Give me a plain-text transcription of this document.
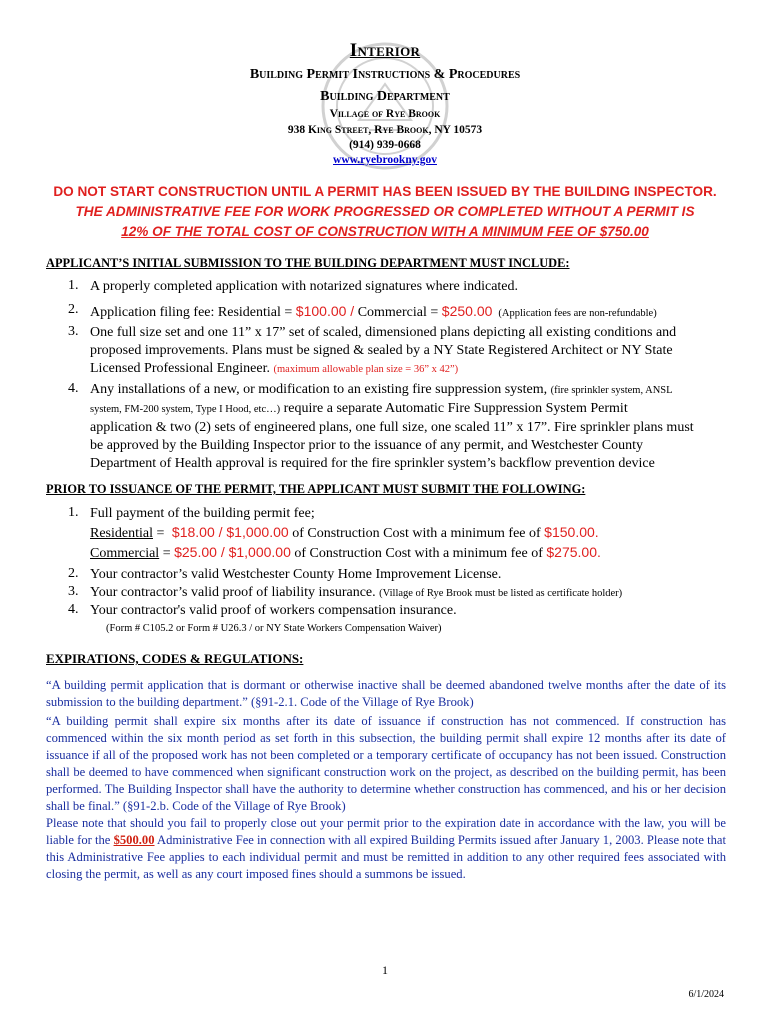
Interior
Building Permit Instructions & Procedures
Building Department
Village of Rye Brook
938 King Street, Rye Brook, NY 10573
(914) 939-0668
www.ryebrookny.gov
DO NOT START CONSTRUCTION UNTIL A PERMIT HAS BEEN ISSUED BY THE BUILDING INSPECTOR.
THE ADMINISTRATIVE FEE FOR WORK PROGRESSED OR COMPLETED WITHOUT A PERMIT IS
12% OF THE TOTAL COST OF CONSTRUCTION WITH A MINIMUM FEE OF $750.00
APPLICANT’S INITIAL SUBMISSION TO THE BUILDING DEPARTMENT MUST INCLUDE:
1. A properly completed application with notarized signatures where indicated.
2. Application filing fee: Residential = $100.00 / Commercial = $250.00 (Application fees are non-refundable)
3. One full size set and one 11” x 17” set of scaled, dimensioned plans depicting all existing conditions and
proposed improvements. Plans must be signed & sealed by a NY State Registered Architect or NY State
Licensed Professional Engineer. (maximum allowable plan size = 36” x 42”)
4. Any installations of a new, or modification to an existing fire suppression system, (fire sprinkler system, ANSL
system, FM-200 system, Type I Hood, etc…) require a separate Automatic Fire Suppression System Permit
application & two (2) sets of engineered plans, one full size, one scaled 11” x 17”. Fire sprinkler plans must
be approved by the Building Inspector prior to the issuance of any permit, and Westchester County
Department of Health approval is required for the fire sprinkler system’s backflow prevention device
PRIOR TO ISSUANCE OF THE PERMIT, THE APPLICANT MUST SUBMIT THE FOLLOWING:
1. Full payment of the building permit fee;
Residential = $18.00 / $1,000.00 of Construction Cost with a minimum fee of $150.00.
Commercial = $25.00 / $1,000.00 of Construction Cost with a minimum fee of $275.00.
2. Your contractor’s valid Westchester County Home Improvement License.
3. Your contractor’s valid proof of liability insurance. (Village of Rye Brook must be listed as certificate holder)
4. Your contractor's valid proof of workers compensation insurance.
(Form # C105.2 or Form # U26.3 / or NY State Workers Compensation Waiver)
EXPIRATIONS, CODES & REGULATIONS:
“A building permit application that is dormant or otherwise inactive shall be deemed abandoned twelve months after the date of its submission to the building department.” (§91-2.1. Code of the Village of Rye Brook)
“A building permit shall expire six months after its date of issuance if construction has not commenced. If construction has commenced within the six month period as set forth in this subsection, the building permit shall expire 12 months after its date of issuance if all of the proposed work has not been completed or a temporary certificate of occupancy has not been issued. Construction shall be deemed to have commenced when significant construction work on the project, as described on the building permit, has been performed. The Building Inspector shall have the authority to determine whether construction has commenced, and his or her decision shall be final.” (§91-2.b. Code of the Village of Rye Brook)
Please note that should you fail to properly close out your permit prior to the expiration date in accordance with the law, you will be liable for the $500.00 Administrative Fee in connection with all expired Building Permits issued after January 1, 2003. Please note that this Administrative Fee applies to each individual permit and must be remitted in addition to any other required fees associated with closing the permit, as well as any court imposed fines should a summons be issued.
1
6/1/2024
